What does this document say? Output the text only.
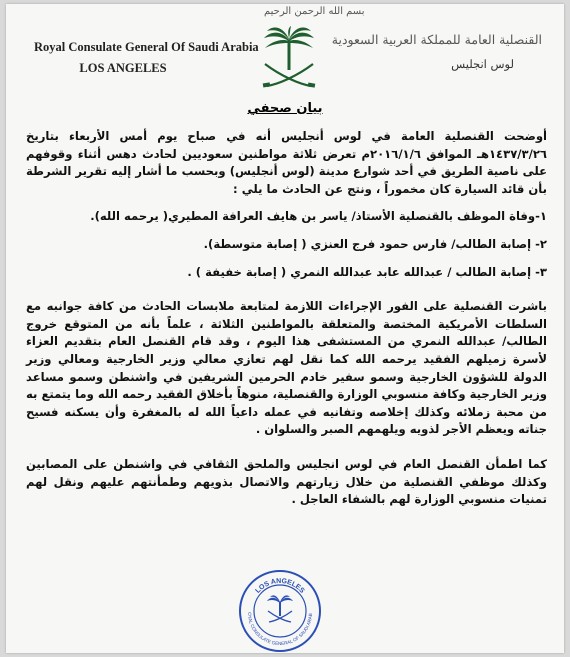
بسم الله الرحمن الرحيم
Royal Consulate General Of Saudi Arabia
LOS ANGELES
القنصلية العامة للمملكة العربية السعودية
لوس انجليس
بيان صحفي

أوضحت القنصلية العامة في لوس أنجليس أنه في صباح يوم أمس الأربعاء بتاريخ ١٤٣٧/٣/٢٦هـ الموافق ٢٠١٦/١/٦م تعرض ثلاثة مواطنين سعوديين لحادث دهس أثناء وقوفهم على ناصية الطريق في أحد شوارع مدينة (لوس أنجليس) وبحسب ما أشار إليه تقرير الشرطة بأن قائد السيارة كان مخموراً ، ونتج عن الحادث ما يلي :

١-وفاة الموظف بالقنصلية الأستاذ/ ياسر بن هايف العرافة المطيري( يرحمه الله).

٢- إصابة الطالب/ فارس حمود فرج العنزي ( إصابة متوسطة).

٣- إصابة الطالب / عبدالله عابد عبدالله النمري ( إصابة خفيفة ) .

باشرت القنصلية على الفور الإجراءات اللازمة لمتابعة ملابسات الحادث من كافة جوانبه مع السلطات الأمريكية المختصة والمتعلقة بالمواطنين الثلاثة ، علماً بأنه من المتوقع خروج الطالب/ عبدالله النمري من المستشفى هذا اليوم ، وقد قام القنصل العام بتقديم العزاء لأسرة زميلهم الفقيد يرحمه الله كما نقل لهم تعازي معالي وزير الخارجية ومعالي وزير الدولة للشؤون الخارجية وسمو سفير خادم الحرمين الشريفين في واشنطن وسمو مساعد وزير الخارجية وكافة منسوبي الوزارة والقنصلية، منوهاً بأخلاق الفقيد رحمه الله وما يتمتع به من محبة زملائه وكذلك إخلاصه وتفانيه في عمله داعياً الله له بالمغفرة وأن يسكنه فسيح جناته ويعظم الأجر لذويه ويلهمهم الصبر والسلوان .

كما اطمأن القنصل العام في لوس انجليس والملحق الثقافي في واشنطن على المصابين وكذلك موظفي القنصلية من خلال زيارتهم والاتصال بذويهم وطمأنتهم عليهم ونقل لهم تمنيات منسوبي الوزارة لهم بالشفاء العاجل .

LOS ANGELES
OYAL CONSULATE GENERAL OF SAUDI ARAB
